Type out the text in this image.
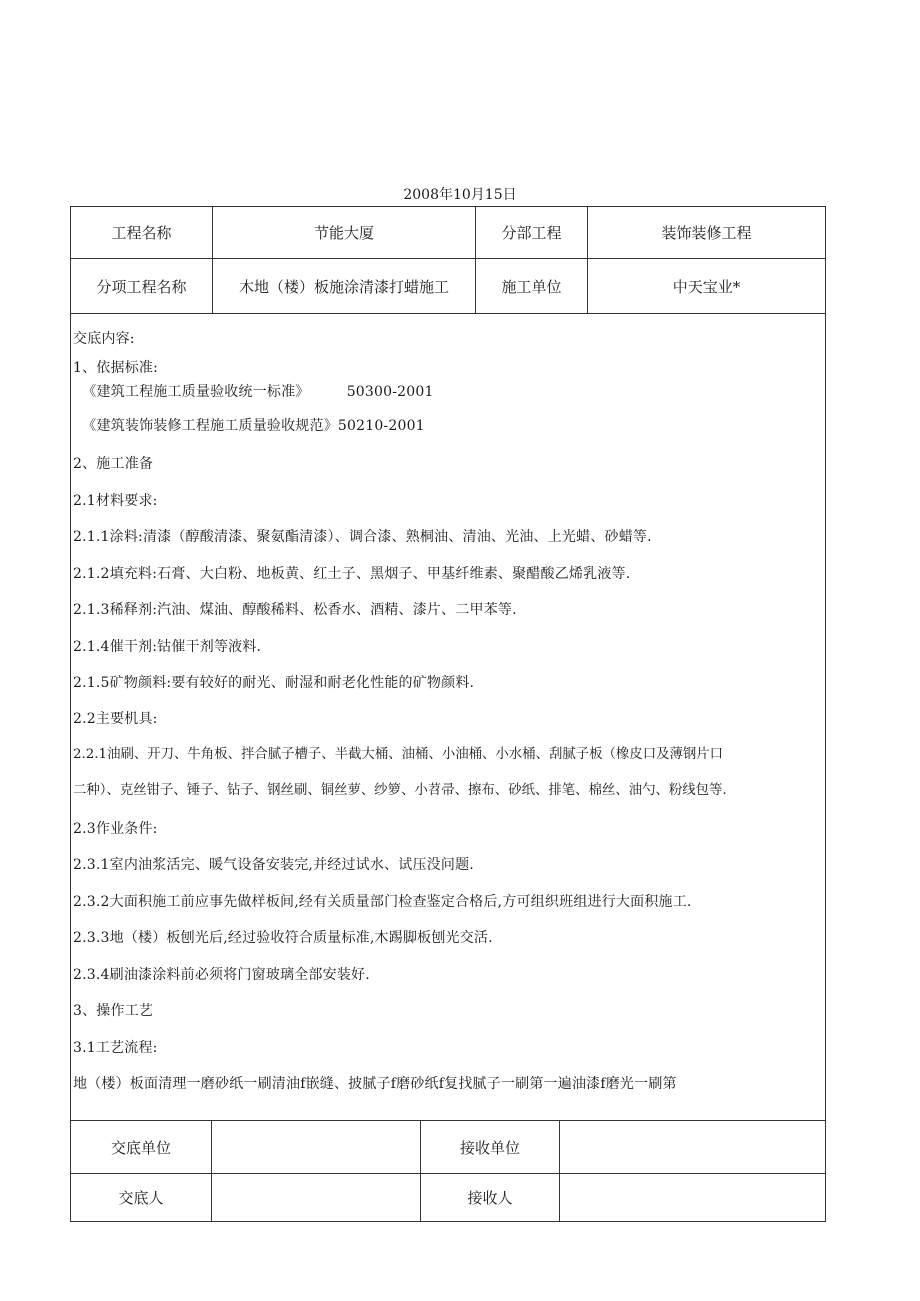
2008年10月15日
工程名称	节能大厦	分部工程	装饰装修工程
分项工程名称	木地（楼）板施涂清漆打蜡施工	施工单位	中天宝业*
交底内容:
1、依据标准:
《建筑工程施工质量验收统一标准》        50300-2001
《建筑装饰装修工程施工质量验收规范》50210-2001
2、施工准备
2.1材料要求:
2.1.1涂料:清漆（醇酸清漆、聚氨酯清漆）、调合漆、熟桐油、清油、光油、上光蜡、砂蜡等.
2.1.2填充料:石膏、大白粉、地板黄、红土子、黑烟子、甲基纤维素、聚醋酸乙烯乳液等.
2.1.3稀释剂:汽油、煤油、醇酸稀料、松香水、酒精、漆片、二甲苯等.
2.1.4催干剂:钴催干剂等液料.
2.1.5矿物颜料:要有较好的耐光、耐湿和耐老化性能的矿物颜料.
2.2主要机具:
2.2.1油刷、开刀、牛角板、拌合腻子槽子、半截大桶、油桶、小油桶、小水桶、刮腻子板（橡皮口及薄钢片口
二种）、克丝钳子、锤子、钻子、钢丝刷、铜丝萝、纱箩、小苕帚、擦布、砂纸、排笔、棉丝、油勺、粉线包等.
2.3作业条件:
2.3.1室内油浆活完、暖气设备安装完,并经过试水、试压没问题.
2.3.2大面积施工前应事先做样板间,经有关质量部门检查鉴定合格后,方可组织班组进行大面积施工.
2.3.3地（楼）板刨光后,经过验收符合质量标准,木踢脚板刨光交活.
2.3.4刷油漆涂料前必须将门窗玻璃全部安装好.
3、操作工艺
3.1工艺流程:
地（楼）板面清理一磨砂纸一刷清油f嵌缝、披腻子f磨砂纸f复找腻子一刷第一遍油漆f磨光一刷第
交底单位	接收单位
交底人	接收人
